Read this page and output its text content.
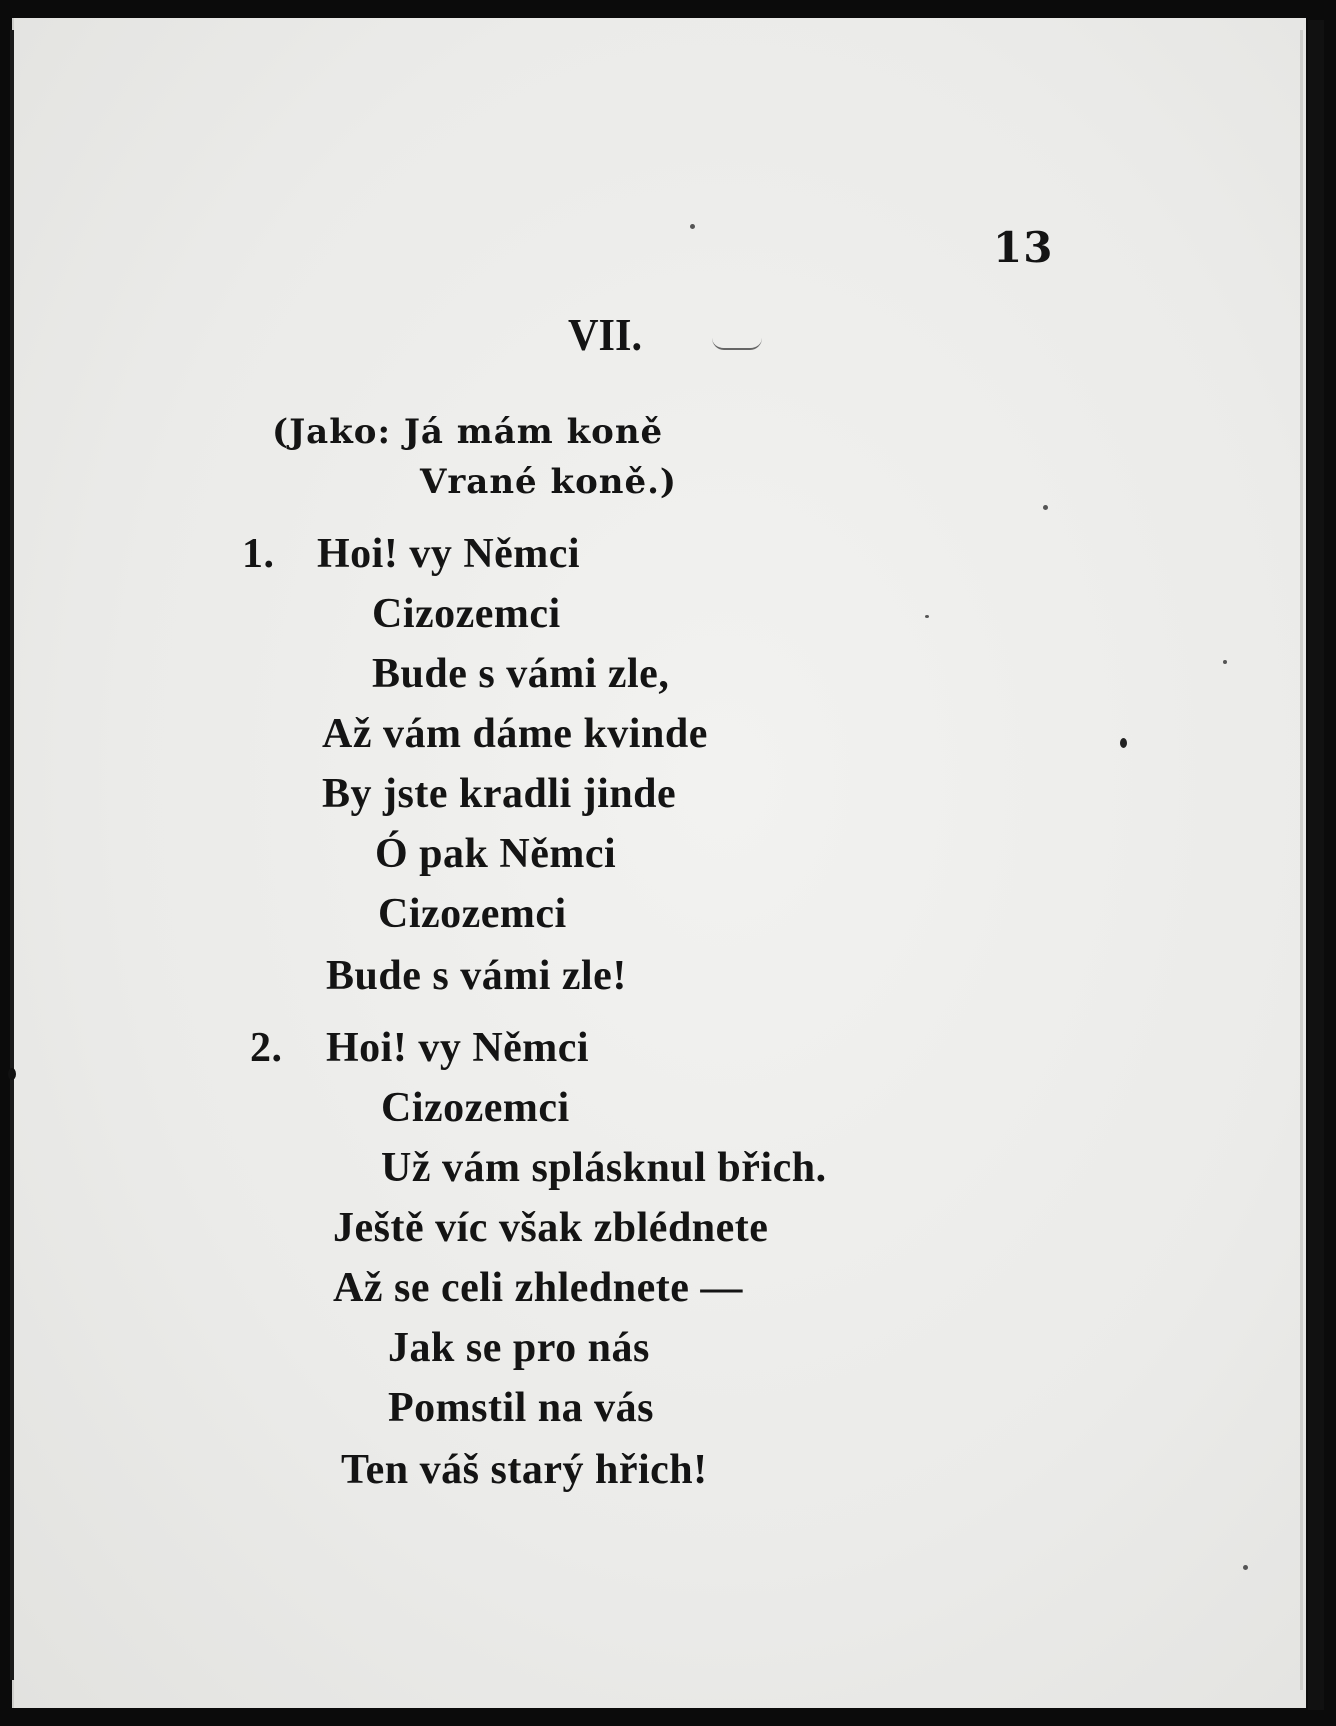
13
VII.
(Jako: Já mám koně
Vrané koně.)
1. Hoi! vy Němci
Cizozemci
Bude s vámi zle,
Až vám dáme kvinde
By jste kradli jinde
Ó pak Němci
Cizozemci
Bude s vámi zle!
2. Hoi! vy Němci
Cizozemci
Už vám splásknul břich.
Ještě víc však zblédnete
Až se celi zhlednete —
Jak se pro nás
Pomstil na vás
Ten váš starý hřich!
